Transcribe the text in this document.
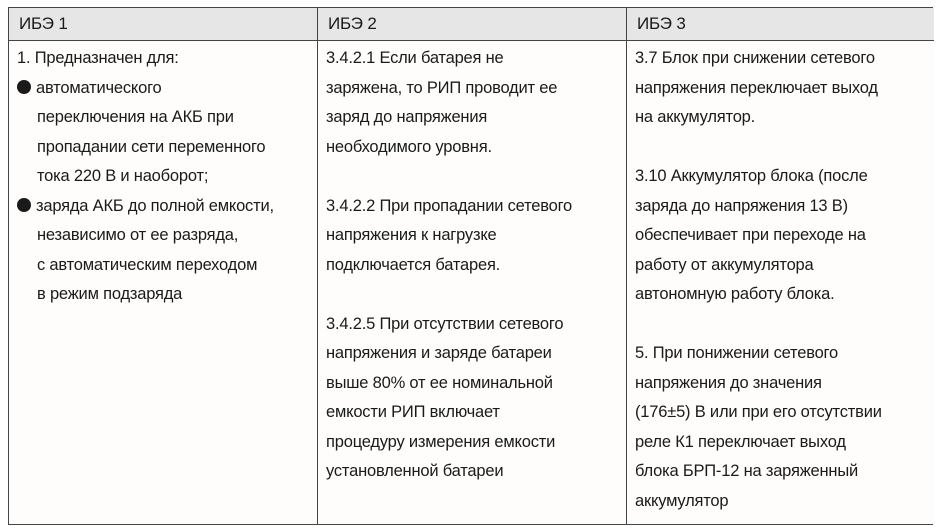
ИБЭ 1	ИБЭ 2	ИБЭ 3
1. Предназначен для:
автоматического
переключения на АКБ при
пропадании сети переменного
тока 220 В и наоборот;
заряда АКБ до полной емкости,
независимо от ее разряда,
с автоматическим переходом
в режим подзаряда
3.4.2.1 Если батарея не
заряжена, то РИП проводит ее
заряд до напряжения
необходимого уровня.
3.4.2.2 При пропадании сетевого
напряжения к нагрузке
подключается батарея.
3.4.2.5 При отсутствии сетевого
напряжения и заряде батареи
выше 80% от ее номинальной
емкости РИП включает
процедуру измерения емкости
установленной батареи
3.7 Блок при снижении сетевого
напряжения переключает выход
на аккумулятор.
3.10 Аккумулятор блока (после
заряда до напряжения 13 В)
обеспечивает при переходе на
работу от аккумулятора
автономную работу блока.
5. При понижении сетевого
напряжения до значения
(176±5) В или при его отсутствии
реле К1 переключает выход
блока БРП-12 на заряженный
аккумулятор
